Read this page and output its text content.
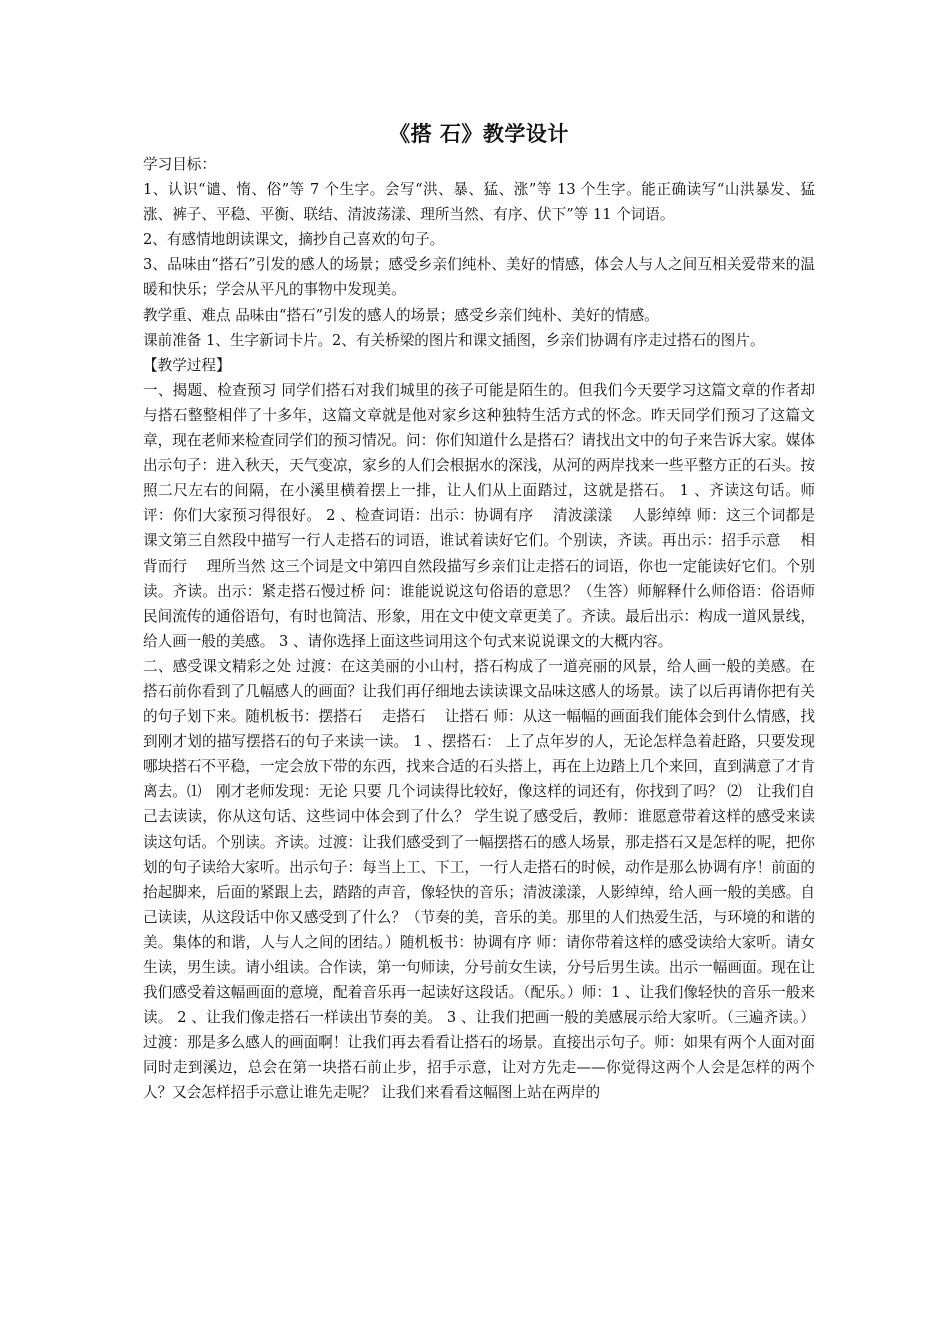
《搭 石》教学设计
学习目标：
1、认识“谴、惰、俗”等 7 个生字。会写“洪、暴、猛、涨”等 13 个生字。能正确读写“山洪暴发、猛涨、裤子、平稳、平衡、联结、清波荡漾、理所当然、有序、伏下”等 11 个词语。
2、有感情地朗读课文，摘抄自己喜欢的句子。
3、品味由“搭石”引发的感人的场景；感受乡亲们纯朴、美好的情感，体会人与人之间互相关爱带来的温暖和快乐；学会从平凡的事物中发现美。
教学重、难点 品味由“搭石”引发的感人的场景；感受乡亲们纯朴、美好的情感。
课前准备 1、生字新词卡片。2、有关桥梁的图片和课文插图，乡亲们协调有序走过搭石的图片。
【教学过程】
一、揭题、检查预习 同学们搭石对我们城里的孩子可能是陌生的。但我们今天要学习这篇文章的作者却与搭石整整相伴了十多年，这篇文章就是他对家乡这种独特生活方式的怀念。昨天同学们预习了这篇文章，现在老师来检查同学们的预习情况。问：你们知道什么是搭石？请找出文中的句子来告诉大家。媒体出示句子：进入秋天，天气变凉，家乡的人们会根据水的深浅，从河的两岸找来一些平整方正的石头。按照二尺左右的间隔，在小溪里横着摆上一排，让人们从上面踏过，这就是搭石。 1 、齐读这句话。师评：你们大家预习得很好。 2 、检查词语：出示：协调有序　 清波漾漾　 人影绰绰 师：这三个词都是课文第三自然段中描写一行人走搭石的词语，谁试着读好它们。个别读，齐读。再出示：招手示意　 相背而行　 理所当然 这三个词是文中第四自然段描写乡亲们让走搭石的词语，你也一定能读好它们。个别读。齐读。出示：紧走搭石慢过桥 问：谁能说说这句俗语的意思？（生答）师解释什么师俗语：俗语师民间流传的通俗语句，有时也简洁、形象，用在文中使文章更美了。齐读。最后出示：构成一道风景线，给人画一般的美感。 3 、请你选择上面这些词用这个句式来说说课文的大概内容。
二、感受课文精彩之处 过渡：在这美丽的小山村，搭石构成了一道亮丽的风景，给人画一般的美感。在搭石前你看到了几幅感人的画面？让我们再仔细地去读读课文品味这感人的场景。读了以后再请你把有关的句子划下来。随机板书：摆搭石　 走搭石　 让搭石 师：从这一幅幅的画面我们能体会到什么情感，找到刚才划的描写摆搭石的句子来读一读。 1 、摆搭石： 上了点年岁的人，无论怎样急着赶路，只要发现哪块搭石不平稳，一定会放下带的东西，找来合适的石头搭上，再在上边踏上几个来回，直到满意了才肯离去。⑴　刚才老师发现：无论 只要 几个词读得比较好，像这样的词还有，你找到了吗？ ⑵　让我们自己去读读，你从这句话、这些词中体会到了什么？ 学生说了感受后，教师：谁愿意带着这样的感受来读读这句话。个别读。齐读。过渡：让我们感受到了一幅摆搭石的感人场景，那走搭石又是怎样的呢，把你划的句子读给大家听。出示句子：每当上工、下工，一行人走搭石的时候，动作是那么协调有序！前面的抬起脚来，后面的紧跟上去，踏踏的声音，像轻快的音乐；清波漾漾，人影绰绰，给人画一般的美感。自己读读，从这段话中你又感受到了什么？（节奏的美，音乐的美。那里的人们热爱生活，与环境的和谐的美。集体的和谐，人与人之间的团结。）随机板书：协调有序 师：请你带着这样的感受读给大家听。请女生读，男生读。请小组读。合作读，第一句师读，分号前女生读，分号后男生读。出示一幅画面。现在让我们感受着这幅画面的意境，配着音乐再一起读好这段话。（配乐。）师：1 、让我们像轻快的音乐一般来读。 2 、让我们像走搭石一样读出节奏的美。 3 、让我们把画一般的美感展示给大家听。（三遍齐读。）过渡：那是多么感人的画面啊！让我们再去看看让搭石的场景。直接出示句子。师：如果有两个人面对面同时走到溪边，总会在第一块搭石前止步，招手示意，让对方先走——你觉得这两个人会是怎样的两个人？又会怎样招手示意让谁先走呢？ 让我们来看看这幅图上站在两岸的
